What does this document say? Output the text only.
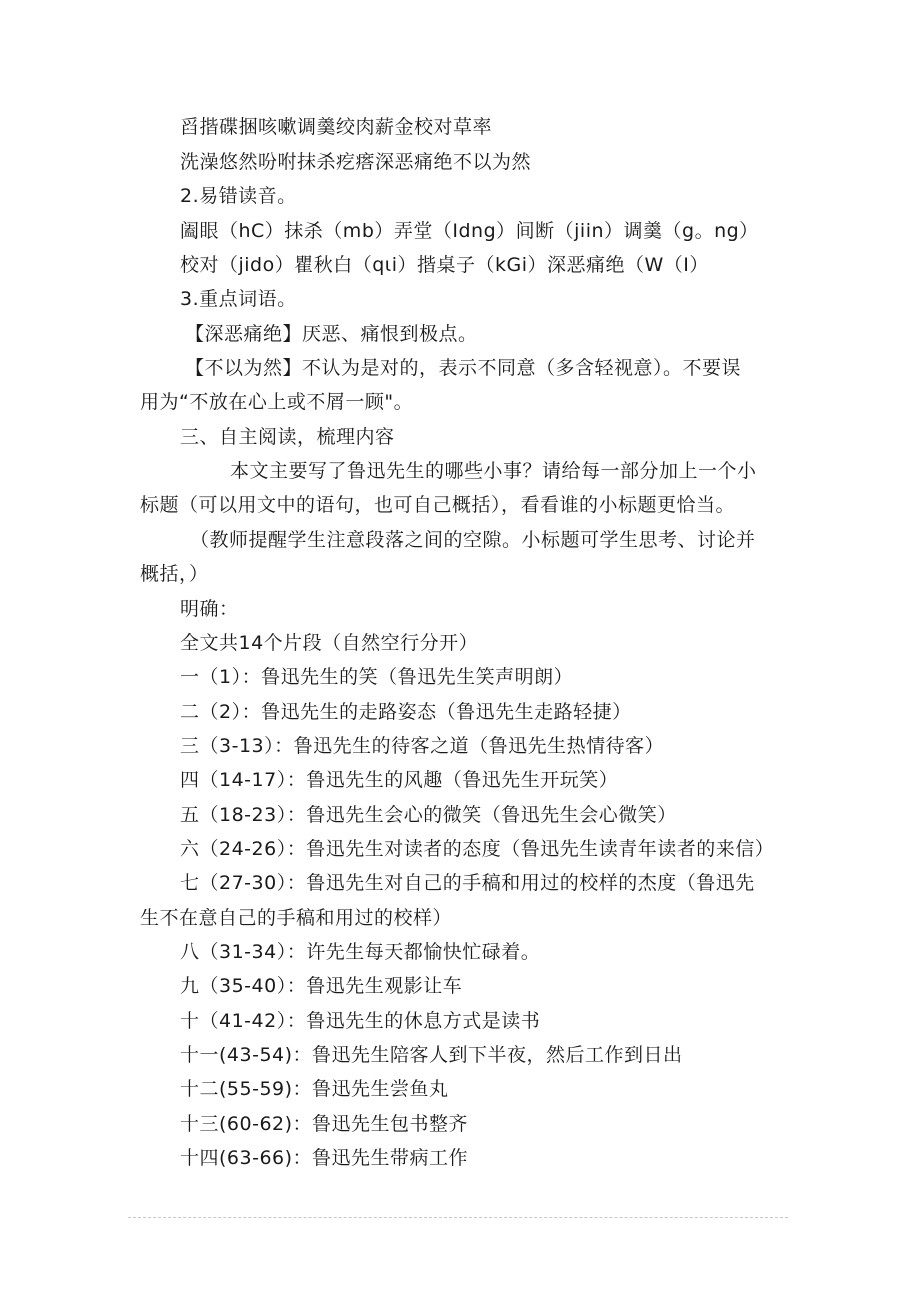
舀揩碟捆咳嗽调羹绞肉薪金校对草率
洗澡悠然吩咐抹杀疙瘩深恶痛绝不以为然
2.易错读音。
阖眼（hC）抹杀（mb）弄堂（Idng）间断（jiin）调羹（g。ng）
校对（jido）瞿秋白（qιi）揩桌子（kGi）深恶痛绝（W（I）
3.重点词语。
【深恶痛绝】厌恶、痛恨到极点。
【不以为然】不认为是对的，表示不同意（多含轻视意）。不要误
用为“不放在心上或不屑一顾"。
三、自主阅读，梳理内容
本文主要写了鲁迅先生的哪些小事？请给每一部分加上一个小
标题（可以用文中的语句，也可自己概括），看看谁的小标题更恰当。
（教师提醒学生注意段落之间的空隙。小标题可学生思考、讨论并
概括，）
明确：
全文共14个片段（自然空行分开）
一（1）：鲁迅先生的笑（鲁迅先生笑声明朗）
二（2）：鲁迅先生的走路姿态（鲁迅先生走路轻捷）
三（3-13）：鲁迅先生的待客之道（鲁迅先生热情待客）
四（14-17）：鲁迅先生的风趣（鲁迅先生开玩笑）
五（18-23）：鲁迅先生会心的微笑（鲁迅先生会心微笑）
六（24-26）：鲁迅先生对读者的态度（鲁迅先生读青年读者的来信）
七（27-30）：鲁迅先生对自己的手稿和用过的校样的杰度（鲁迅先
生不在意自己的手稿和用过的校样）
八（31-34）：许先生每天都愉快忙碌着。
九（35-40）：鲁迅先生观影让车
十（41-42）：鲁迅先生的休息方式是读书
十一(43-54)：鲁迅先生陪客人到下半夜，然后工作到日出
十二(55-59)：鲁迅先生尝鱼丸
十三(60-62)：鲁迅先生包书整齐
十四(63-66)：鲁迅先生带病工作
